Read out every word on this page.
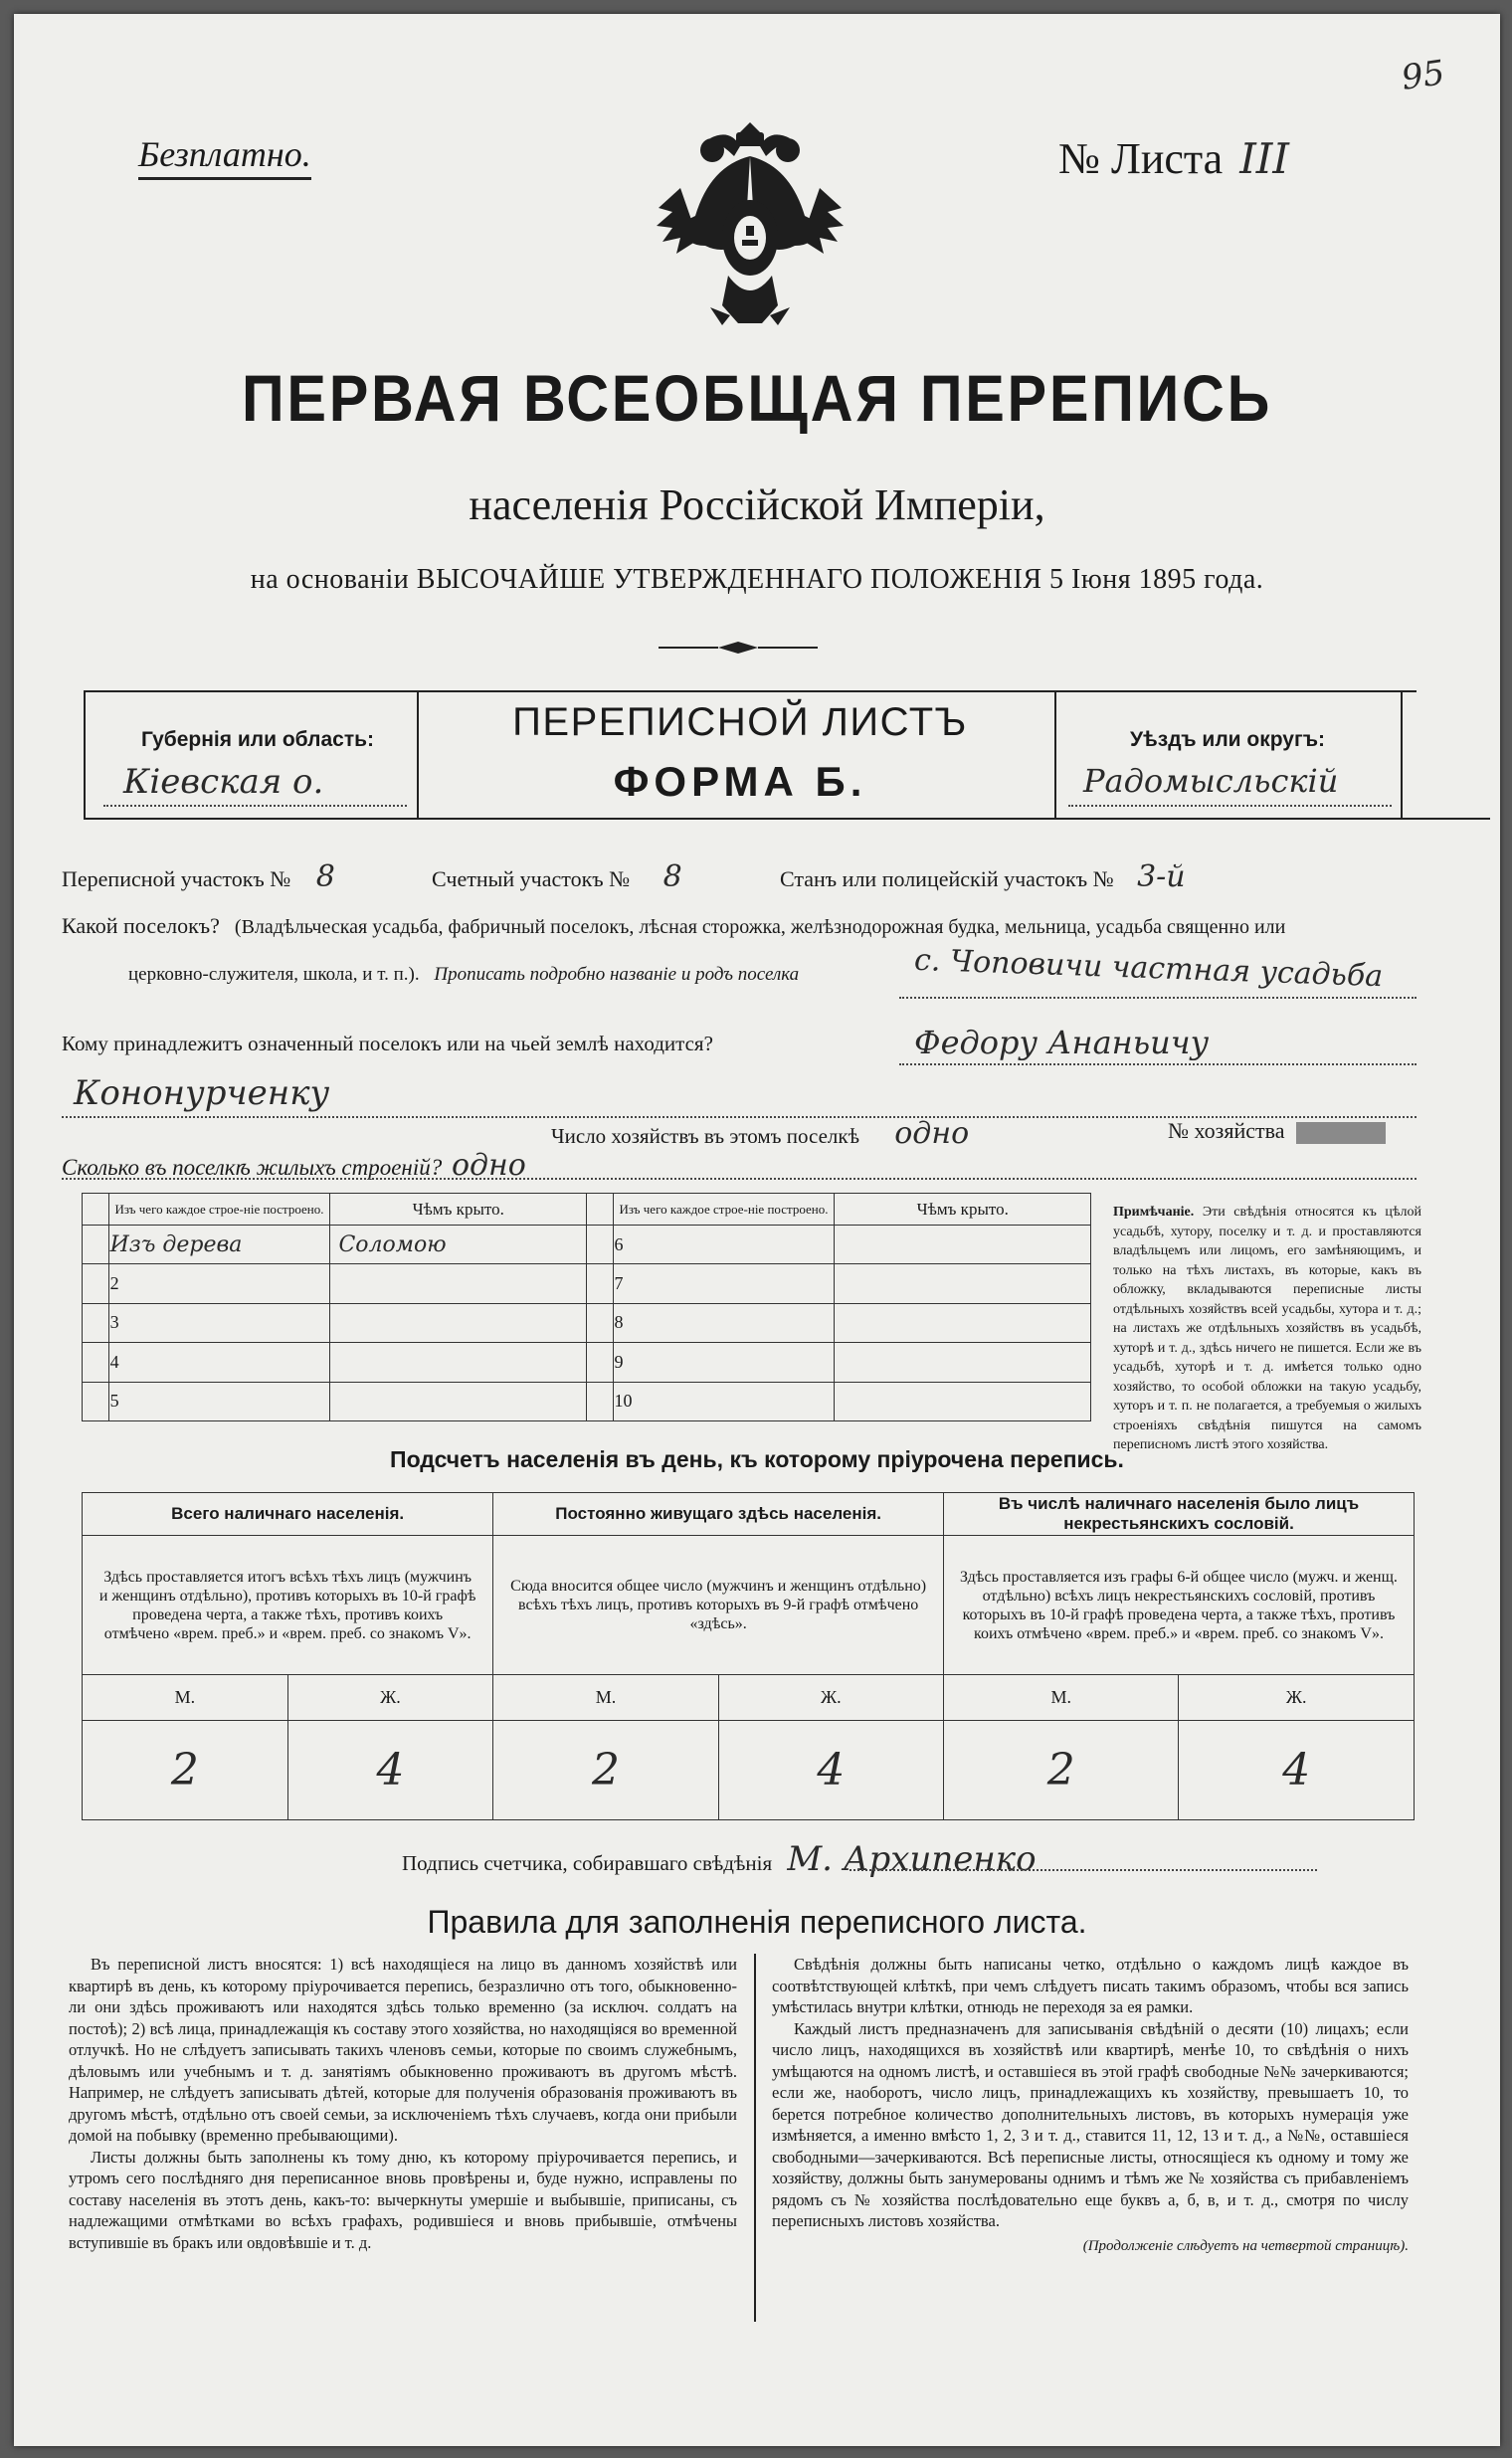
95
Безплатно.	№ Листа III
ПЕРВАЯ ВСЕОБЩАЯ ПЕРЕПИСЬ
населенія Россійской Имперіи,
на основаніи ВЫСОЧАЙШЕ УТВЕРЖДЕННАГО ПОЛОЖЕНІЯ 5 Іюня 1895 года.
Губернія или область:
Кіевская о.
ПЕРЕПИСНОЙ ЛИСТЪ
ФОРМА Б.
Уѣздъ или округъ:
Радомысльскій
Переписной участокъ № 8	Счетный участокъ № 8	Станъ или полицейскій участокъ № 3-й
Какой поселокъ? (Владѣльческая усадьба, фабричный поселокъ, лѣсная сторожка, желѣзнодорожная будка, мельница, усадьба священно или
церковно-служителя, школа, и т. п.). Прописать подробно названіе и родъ поселка	с. Чоповичи частная усадьба
Кому принадлежитъ означенный поселокъ или на чьей землѣ находится?	Федору Ананьичу
Кононурченку
Число хозяйствъ въ этомъ поселкѣ одно	№ хозяйства
Сколько въ поселкѣ жилыхъ строеній? одно
	Изъ чего каждое строе-ніе построено.	Чѣмъ крыто.		Изъ чего каждое строе-ніе построено.	Чѣмъ крыто.
	Изъ дерева	Соломою		6	
	2			7	
	3			8	
	4			9	
	5			10	
Примѣчаніе. Эти свѣдѣнія относятся къ цѣлой усадьбѣ, хутору, поселку и т. д. и проставляются владѣльцемъ или лицомъ, его замѣняющимъ, и только на тѣхъ листахъ, въ которые, какъ въ обложку, вкладываются переписные листы отдѣльныхъ хозяйствъ всей усадьбы, хутора и т. д.; на листахъ же отдѣльныхъ хозяйствъ въ усадьбѣ, хуторѣ и т. д., здѣсь ничего не пишется. Если же въ усадьбѣ, хуторѣ и т. д. имѣется только одно хозяйство, то особой обложки на такую усадьбу, хуторъ и т. п. не полагается, а требуемыя о жилыхъ строеніяхъ свѣдѣнія пишутся на самомъ переписномъ листѣ этого хозяйства.
Подсчетъ населенія въ день, къ которому пріурочена перепись.
Всего наличнаго населенія.		Постоянно живущаго здѣсь населенія.		Въ числѣ наличнаго населенія было лицъ некрестьянскихъ сословій.	
Здѣсь проставляется итогъ всѣхъ тѣхъ лицъ (мужчинъ и женщинъ отдѣльно), противъ которыхъ въ 10-й графѣ проведена черта, а также тѣхъ, противъ коихъ отмѣчено «врем. преб.» и «врем. преб. со знакомъ V».		Сюда вносится общее число (мужчинъ и женщинъ отдѣльно) всѣхъ тѣхъ лицъ, противъ которыхъ въ 9-й графѣ отмѣчено «здѣсь».		Здѣсь проставляется изъ графы 6-й общее число (мужч. и женщ. отдѣльно) всѣхъ лицъ некрестьянскихъ сословій, противъ которыхъ въ 10-й графѣ проведена черта, а также тѣхъ, противъ коихъ отмѣчено «врем. преб.» и «врем. преб. со знакомъ V».	
М.	Ж.	М.	Ж.	М.	Ж.
2	4	2	4	2	4
Подпись счетчика, собиравшаго свѣдѣнія М. Архипенко
Правила для заполненія переписного листа.

Въ переписной листъ вносятся: 1) всѣ находящіеся на лицо въ данномъ хозяйствѣ или квартирѣ въ день, къ которому пріурочивается перепись, безразлично отъ того, обыкновенно-ли они здѣсь проживаютъ или находятся здѣсь только временно (за исключ. солдатъ на постоѣ); 2) всѣ лица, принадлежащія къ составу этого хозяйства, но находящіяся во временной отлучкѣ. Но не слѣдуетъ записывать такихъ членовъ семьи, которые по своимъ служебнымъ, дѣловымъ или учебнымъ и т. д. занятіямъ обыкновенно проживаютъ въ другомъ мѣстѣ. Например, не слѣдуетъ записывать дѣтей, которые для полученія образованія проживаютъ въ другомъ мѣстѣ, отдѣльно отъ своей семьи, за исключеніемъ тѣхъ случаевъ, когда они прибыли домой на побывку (временно пребывающими).

Листы должны быть заполнены къ тому дню, къ которому пріурочивается перепись, и утромъ сего послѣдняго дня переписанное вновь провѣрены и, буде нужно, исправлены по составу населенія въ этотъ день, какъ-то: вычеркнуты умершіе и выбывшіе, приписаны, съ надлежащими отмѣтками во всѣхъ графахъ, родившіеся и вновь прибывшіе, отмѣчены вступившіе въ бракъ или овдовѣвшіе и т. д.

Свѣдѣнія должны быть написаны четко, отдѣльно о каждомъ лицѣ каждое въ соотвѣтствующей клѣткѣ, при чемъ слѣдуетъ писать такимъ образомъ, чтобы вся запись умѣстилась внутри клѣтки, отнюдь не переходя за ея рамки.

Каждый листъ предназначенъ для записыванія свѣдѣній о десяти (10) лицахъ; если число лицъ, находящихся въ хозяйствѣ или квартирѣ, менѣе 10, то свѣдѣнія о нихъ умѣщаются на одномъ листѣ, и оставшіеся въ этой графѣ свободные №№ зачеркиваются; если же, наоборотъ, число лицъ, принадлежащихъ къ хозяйству, превышаетъ 10, то берется потребное количество дополнительныхъ листовъ, въ которыхъ нумерація уже измѣняется, а именно вмѣсто 1, 2, 3 и т. д., ставится 11, 12, 13 и т. д., а №№, оставшіеся свободными—зачеркиваются. Всѣ переписные листы, относящіеся къ одному и тому же хозяйству, должны быть занумерованы однимъ и тѣмъ же № хозяйства съ прибавленіемъ рядомъ съ № хозяйства послѣдовательно еще буквъ а, б, в, и т. д., смотря по числу переписныхъ листовъ хозяйства.

(Продолженіе слѣдуетъ на четвертой страницѣ).
